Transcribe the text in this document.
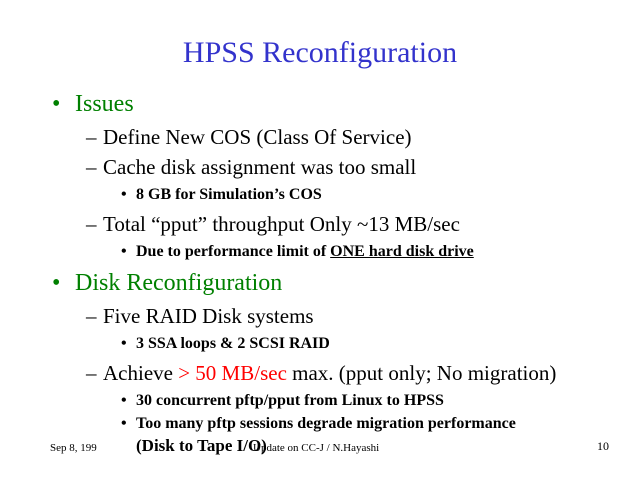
HPSS Reconfiguration
• Issues
– Define New COS (Class Of Service)
– Cache disk assignment was too small
• 8 GB for Simulation’s COS
– Total “pput” throughput Only ~13 MB/sec
• Due to performance limit of ONE hard disk drive
• Disk Reconfiguration
– Five RAID Disk systems
• 3 SSA loops & 2 SCSI RAID
– Achieve > 50 MB/sec max. (pput only; No migration)
• 30 concurrent pftp/pput from Linux to HPSS
• Too many pftp sessions degrade migration performance
(Disk to Tape I/O)
Sep 8, 199	Update on CC-J / N.Hayashi	10
